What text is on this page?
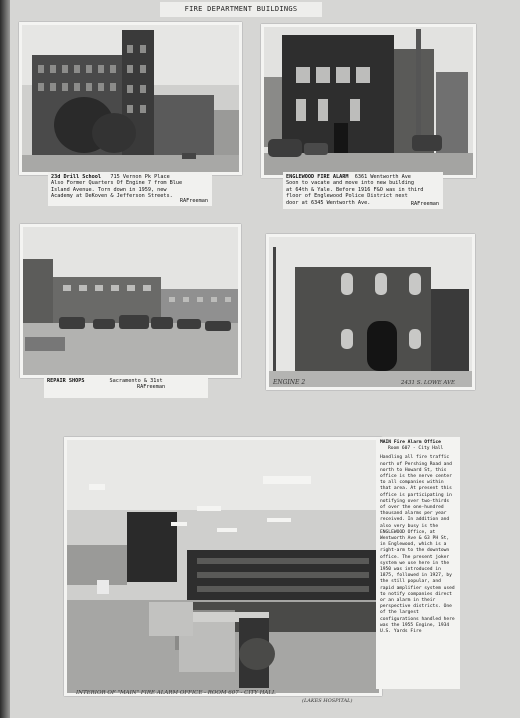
FIRE DEPARTMENT BUILDINGS
23d Drill School 715 Vernon Pk Place
Also Former Quarters Of Engine 7 from Blue
Island Avenue. Torn down in 1959, new
Academy at DeKoven & Jefferson Streets.
RAFreeman
ENGLEWOOD FIRE ALARM 6361 Wentworth Ave
Soon to vacate and move into new building
at 64th & Yale. Before 1916 F&O was in third
floor of Englewood Police District next
door at 6345 Wentworth Ave.	RAFreeman
REPAIR SHOPS	Sacramento & 31st
RAFreeman
ENGINE 2	2431 S. LOWE AVE
MAIN Fire Alarm Office
Room 607 - City Hall
Handling all fire traffic north of Pershing Road and north to Howard St, this office is the nerve center to all companies within that area. At present this office is participating in notifying over two-thirds of over the one-hundred thousand alarms per year received. In addition and also very busy is the ENGLEWOOD Office, at Wentworth Ave & 63 PH St, in Englewood, which is a right-arm to the downtown office. The present joker system we use here in the 1950 was introduced in 1875, followed in 1927, by the still popular, and rapid amplifier system used to notify companies direct or an alarm in their perspective districts. One of the largest configurations handled here was the 1955 Engine, 1934 U.S. Yards Fire
INTERIOR OF "MAIN" FIRE ALARM OFFICE - ROOM 607 - CITY HALL
(LAKES HOSPITAL)
